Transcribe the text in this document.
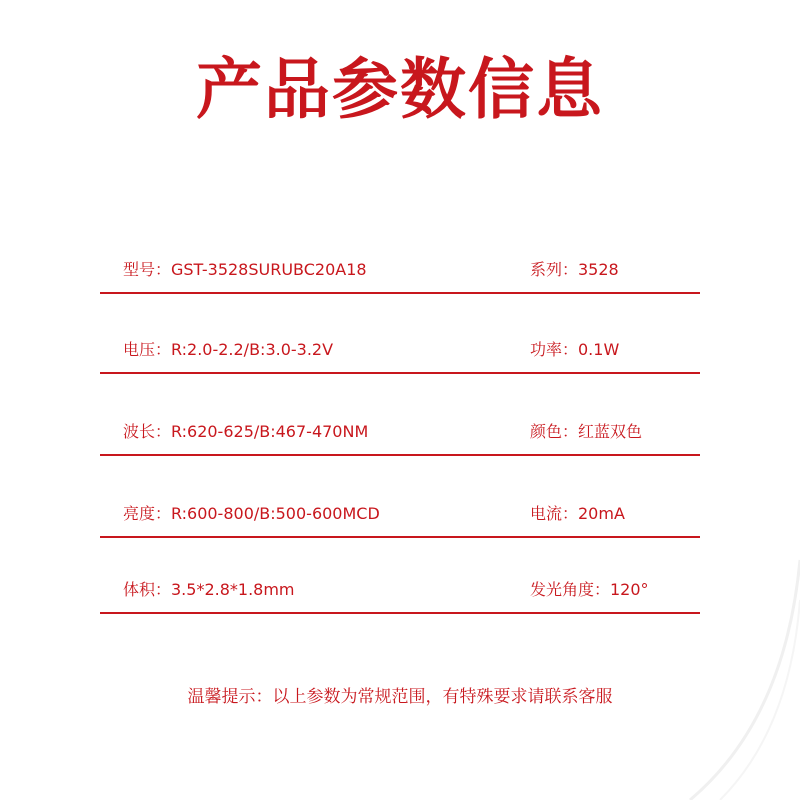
产品参数信息
型号：GST-3528SURUBC20A18	系列：3528
电压：R:2.0-2.2/B:3.0-3.2V	功率：0.1W
波长：R:620-625/B:467-470NM	颜色：红蓝双色
亮度：R:600-800/B:500-600MCD	电流：20mA
体积：3.5*2.8*1.8mm	发光角度：120°
温馨提示：以上参数为常规范围，有特殊要求请联系客服
